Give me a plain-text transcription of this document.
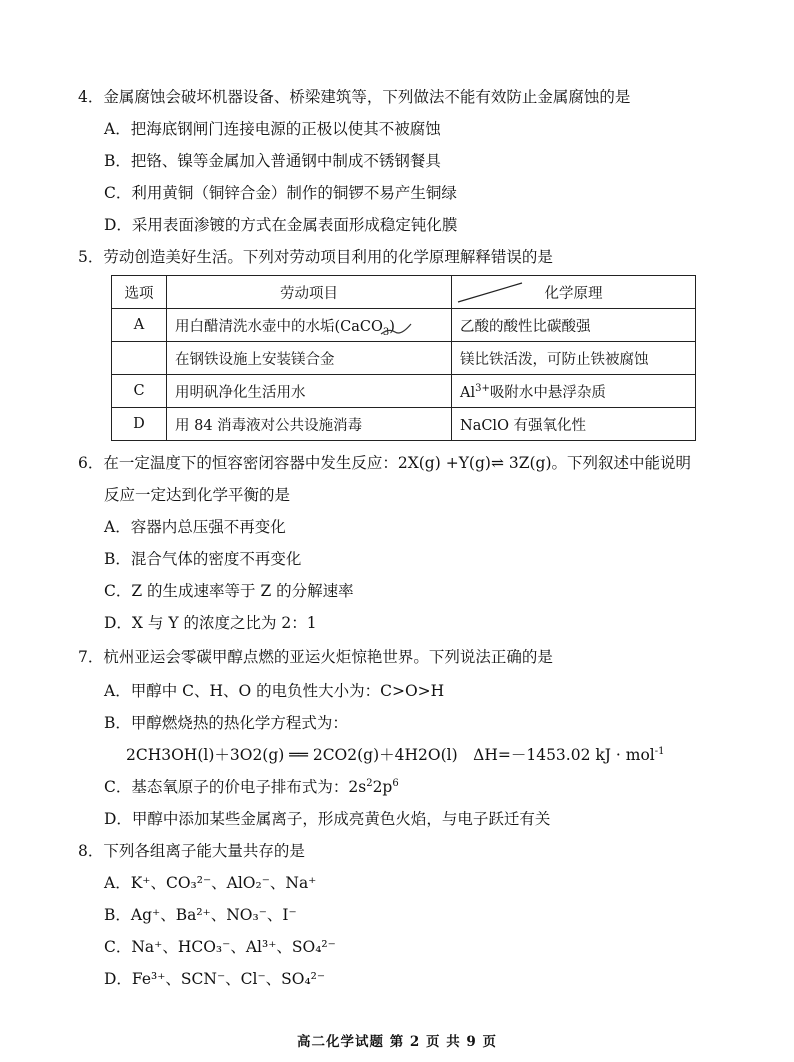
4．金属腐蚀会破坏机器设备、桥梁建筑等，下列做法不能有效防止金属腐蚀的是
A．把海底钢闸门连接电源的正极以使其不被腐蚀
B．把铬、镍等金属加入普通钢中制成不锈钢餐具
C．利用黄铜（铜锌合金）制作的铜锣不易产生铜绿
D．采用表面渗镀的方式在金属表面形成稳定钝化膜
5．劳动创造美好生活。下列对劳动项目利用的化学原理解释错误的是
选项	劳动项目	化学原理
A	用白醋清洗水壶中的水垢(CaCO$_3$)	乙酸的酸性比碳酸强
	在钢铁设施上安装镁合金	镁比铁活泼，可防止铁被腐蚀
C	用明矾净化生活用水	$Al^{3+}$吸附水中悬浮杂质
D	用 84 消毒液对公共设施消毒	NaClO 有强氧化性
6．在一定温度下的恒容密闭容器中发生反应：2X(g) +Y(g)⇌ 3Z(g)。下列叙述中能说明
反应一定达到化学平衡的是
A．容器内总压强不再变化
B．混合气体的密度不再变化
C．Z 的生成速率等于 Z 的分解速率
D．X 与 Y 的浓度之比为 2：1
7．杭州亚运会零碳甲醇点燃的亚运火炬惊艳世界。下列说法正确的是
A．甲醇中 C、H、O 的电负性大小为：C>O>H
B．甲醇燃烧热的热化学方程式为：
2CH3OH(l)＋3O2(g) ══ 2CO2(g)＋4H2O(l)　ΔH=－1453.02 kJ · mol$^{-1}$
C．基态氧原子的价电子排布式为：$2s^22p^6$
D．甲醇中添加某些金属离子，形成亮黄色火焰，与电子跃迁有关
8．下列各组离子能大量共存的是
A．K⁺、CO₃²⁻、AlO₂⁻、Na⁺
B．Ag⁺、Ba²⁺、NO₃⁻、I⁻
C．Na⁺、HCO₃⁻、Al³⁺、SO₄²⁻
D．Fe³⁺、SCN⁻、Cl⁻、SO₄²⁻
高二化学试题 第 2 页 共 9 页
